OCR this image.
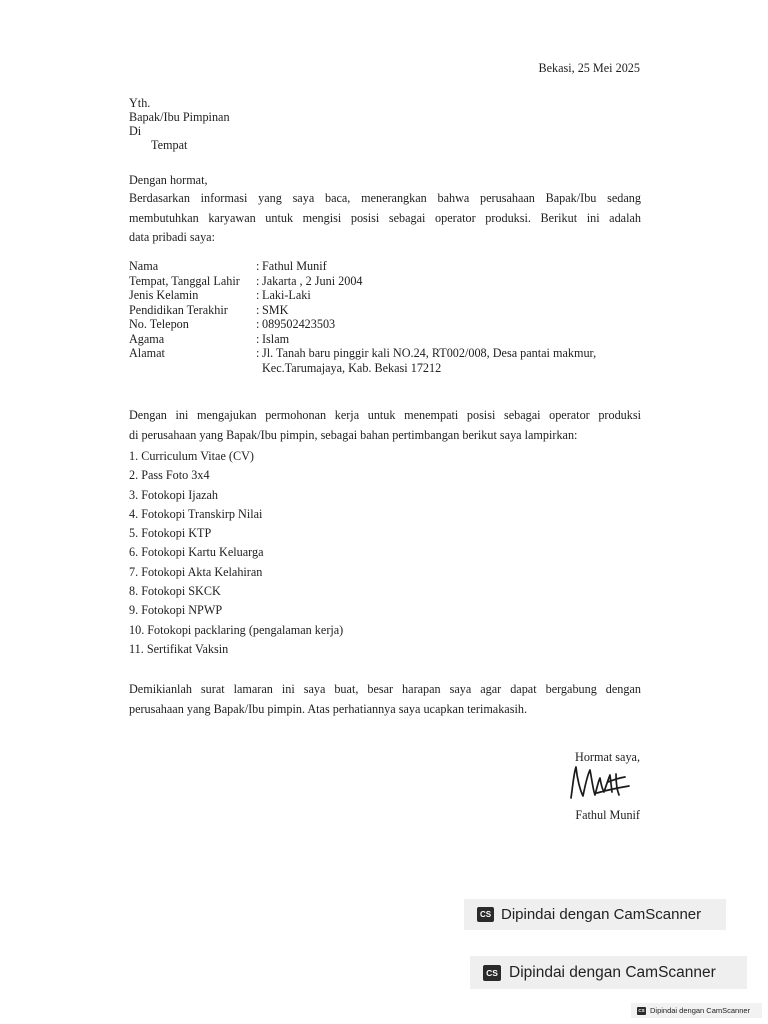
Bekasi, 25 Mei 2025
Yth.
Bapak/Ibu Pimpinan
Di
Tempat
Dengan hormat,
Berdasarkan informasi yang saya baca, menerangkan bahwa perusahaan Bapak/Ibu sedang
membutuhkan karyawan untuk mengisi posisi sebagai operator produksi. Berikut ini adalah
data pribadi saya:
Nama	: Fathul Munif
Tempat, Tanggal Lahir	: Jakarta , 2 Juni 2004
Jenis Kelamin	: Laki-Laki
Pendidikan Terakhir	: SMK
No. Telepon	: 089502423503
Agama	: Islam
Alamat	: Jl. Tanah baru pinggir kali NO.24, RT002/008, Desa pantai makmur, Kec.Tarumajaya, Kab. Bekasi 17212
Dengan ini mengajukan permohonan kerja untuk menempati posisi sebagai operator produksi
di perusahaan yang Bapak/Ibu pimpin, sebagai bahan pertimbangan berikut saya lampirkan:
1. Curriculum Vitae (CV)
2. Pass Foto 3x4
3. Fotokopi Ijazah
4. Fotokopi Transkirp Nilai
5. Fotokopi KTP
6. Fotokopi Kartu Keluarga
7. Fotokopi Akta Kelahiran
8. Fotokopi SKCK
9. Fotokopi NPWP
10. Fotokopi packlaring (pengalaman kerja)
11. Sertifikat Vaksin
Demikianlah surat lamaran ini saya buat, besar harapan saya agar dapat bergabung dengan
perusahaan yang Bapak/Ibu pimpin. Atas perhatiannya saya ucapkan terimakasih.
Hormat saya,
Fathul Munif
CS Dipindai dengan CamScanner
CS Dipindai dengan CamScanner
CS Dipindai dengan CamScanner
